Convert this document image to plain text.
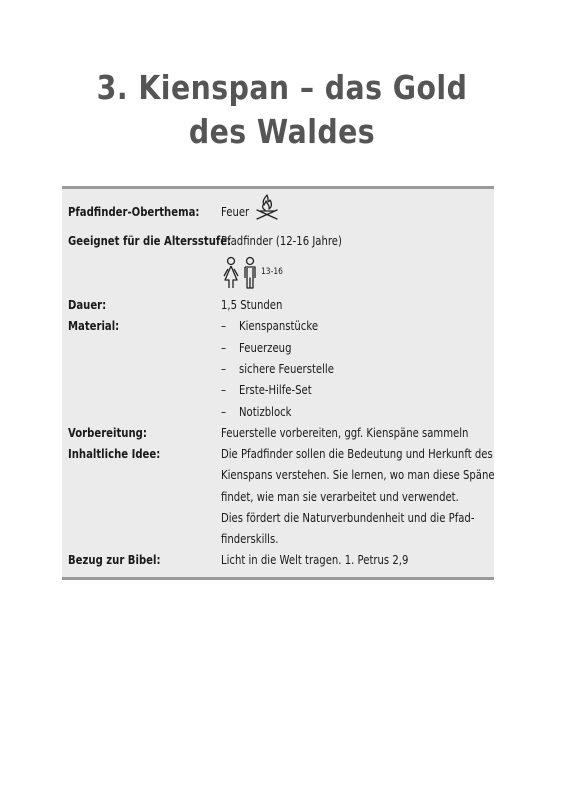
3. Kienspan – das Gold
des Waldes
Pfadfinder-Oberthema: Feuer
Geeignet für die Altersstufe:
Pfadfinder (12-16 Jahre)
13-16
Dauer:	1,5 Stunden
Material:	– Kienspanstücke
– Feuerzeug
– sichere Feuerstelle
– Erste-Hilfe-Set
– Notizblock
Vorbereitung:	Feuerstelle vorbereiten, ggf. Kienspäne sammeln
Inhaltliche Idee:	Die Pfadfinder sollen die Bedeutung und Herkunft des
Kienspans verstehen. Sie lernen, wo man diese Späne
findet, wie man sie verarbeitet und verwendet.
Dies fördert die Naturverbundenheit und die Pfad-
finderskills.
Bezug zur Bibel:	Licht in die Welt tragen. 1. Petrus 2,9
